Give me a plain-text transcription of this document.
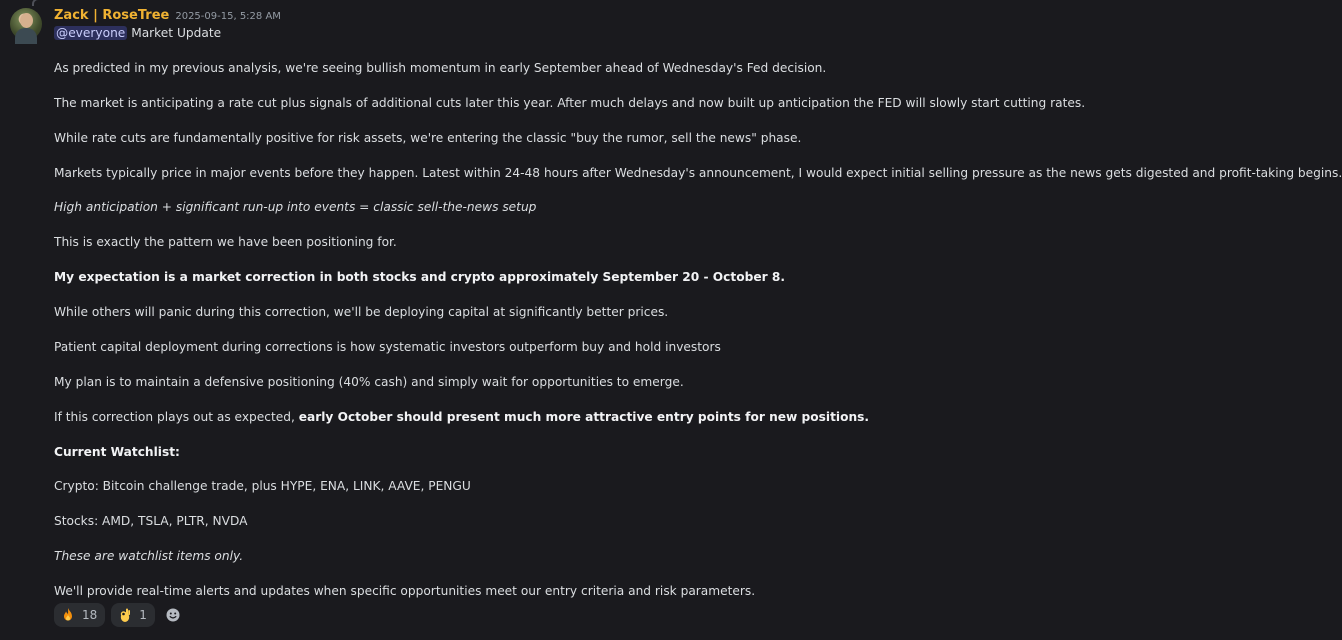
Zack | RoseTree 2025-09-15, 5:28 AM
@everyone Market Update
As predicted in my previous analysis, we're seeing bullish momentum in early September ahead of Wednesday's Fed decision.
The market is anticipating a rate cut plus signals of additional cuts later this year. After much delays and now built up anticipation the FED will slowly start cutting rates.
While rate cuts are fundamentally positive for risk assets, we're entering the classic "buy the rumor, sell the news" phase.
Markets typically price in major events before they happen. Latest within 24-48 hours after Wednesday's announcement, I would expect initial selling pressure as the news gets digested and profit-taking begins.
High anticipation + significant run-up into events = classic sell-the-news setup
This is exactly the pattern we have been positioning for.
My expectation is a market correction in both stocks and crypto approximately September 20 - October 8.
While others will panic during this correction, we'll be deploying capital at significantly better prices.
Patient capital deployment during corrections is how systematic investors outperform buy and hold investors
My plan is to maintain a defensive positioning (40% cash) and simply wait for opportunities to emerge.
If this correction plays out as expected, early October should present much more attractive entry points for new positions.
Current Watchlist:
Crypto: Bitcoin challenge trade, plus HYPE, ENA, LINK, AAVE, PENGU
Stocks: AMD, TSLA, PLTR, NVDA
These are watchlist items only.
We'll provide real-time alerts and updates when specific opportunities meet our entry criteria and risk parameters.
18	1
